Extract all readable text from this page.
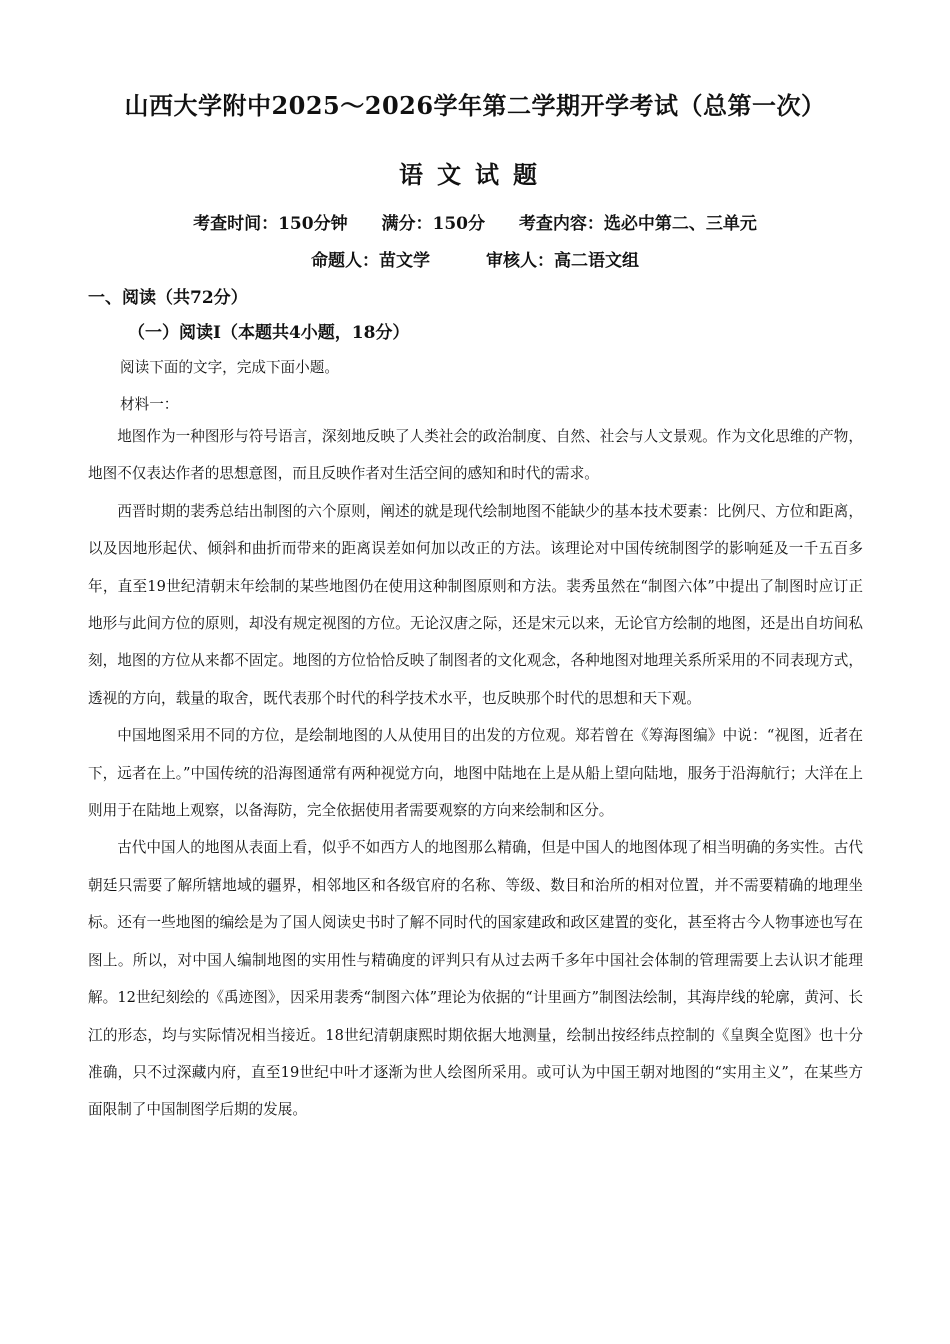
山西大学附中2025～2026学年第二学期开学考试（总第一次）
语文试题
考查时间：150分钟 满分：150分 考查内容：选必中第二、三单元
命题人：苗文学	审核人：高二语文组
一、阅读（共72分）
（一）阅读Ⅰ（本题共4小题，18分）
阅读下面的文字，完成下面小题。
材料一：

地图作为一种图形与符号语言，深刻地反映了人类社会的政治制度、自然、社会与人文景观。作为文化思维的产物，地图不仅表达作者的思想意图，而且反映作者对生活空间的感知和时代的需求。

西晋时期的裴秀总结出制图的六个原则，阐述的就是现代绘制地图不能缺少的基本技术要素：比例尺、方位和距离，以及因地形起伏、倾斜和曲折而带来的距离误差如何加以改正的方法。该理论对中国传统制图学的影响延及一千五百多年，直至19世纪清朝末年绘制的某些地图仍在使用这种制图原则和方法。裴秀虽然在“制图六体”中提出了制图时应订正地形与此间方位的原则，却没有规定视图的方位。无论汉唐之际，还是宋元以来，无论官方绘制的地图，还是出自坊间私刻，地图的方位从来都不固定。地图的方位恰恰反映了制图者的文化观念，各种地图对地理关系所采用的不同表现方式，透视的方向，载量的取舍，既代表那个时代的科学技术水平，也反映那个时代的思想和天下观。

中国地图采用不同的方位，是绘制地图的人从使用目的出发的方位观。郑若曾在《筹海图编》中说：“视图，近者在下，远者在上。”中国传统的沿海图通常有两种视觉方向，地图中陆地在上是从船上望向陆地，服务于沿海航行；大洋在上则用于在陆地上观察，以备海防，完全依据使用者需要观察的方向来绘制和区分。

古代中国人的地图从表面上看，似乎不如西方人的地图那么精确，但是中国人的地图体现了相当明确的务实性。古代朝廷只需要了解所辖地域的疆界，相邻地区和各级官府的名称、等级、数目和治所的相对位置，并不需要精确的地理坐标。还有一些地图的编绘是为了国人阅读史书时了解不同时代的国家建政和政区建置的变化，甚至将古今人物事迹也写在图上。所以，对中国人编制地图的实用性与精确度的评判只有从过去两千多年中国社会体制的管理需要上去认识才能理解。12世纪刻绘的《禹迹图》，因采用裴秀“制图六体”理论为依据的“计里画方”制图法绘制，其海岸线的轮廓，黄河、长江的形态，均与实际情况相当接近。18世纪清朝康熙时期依据大地测量，绘制出按经纬点控制的《皇舆全览图》也十分准确，只不过深藏内府，直至19世纪中叶才逐渐为世人绘图所采用。或可认为中国王朝对地图的“实用主义”，在某些方面限制了中国制图学后期的发展。
